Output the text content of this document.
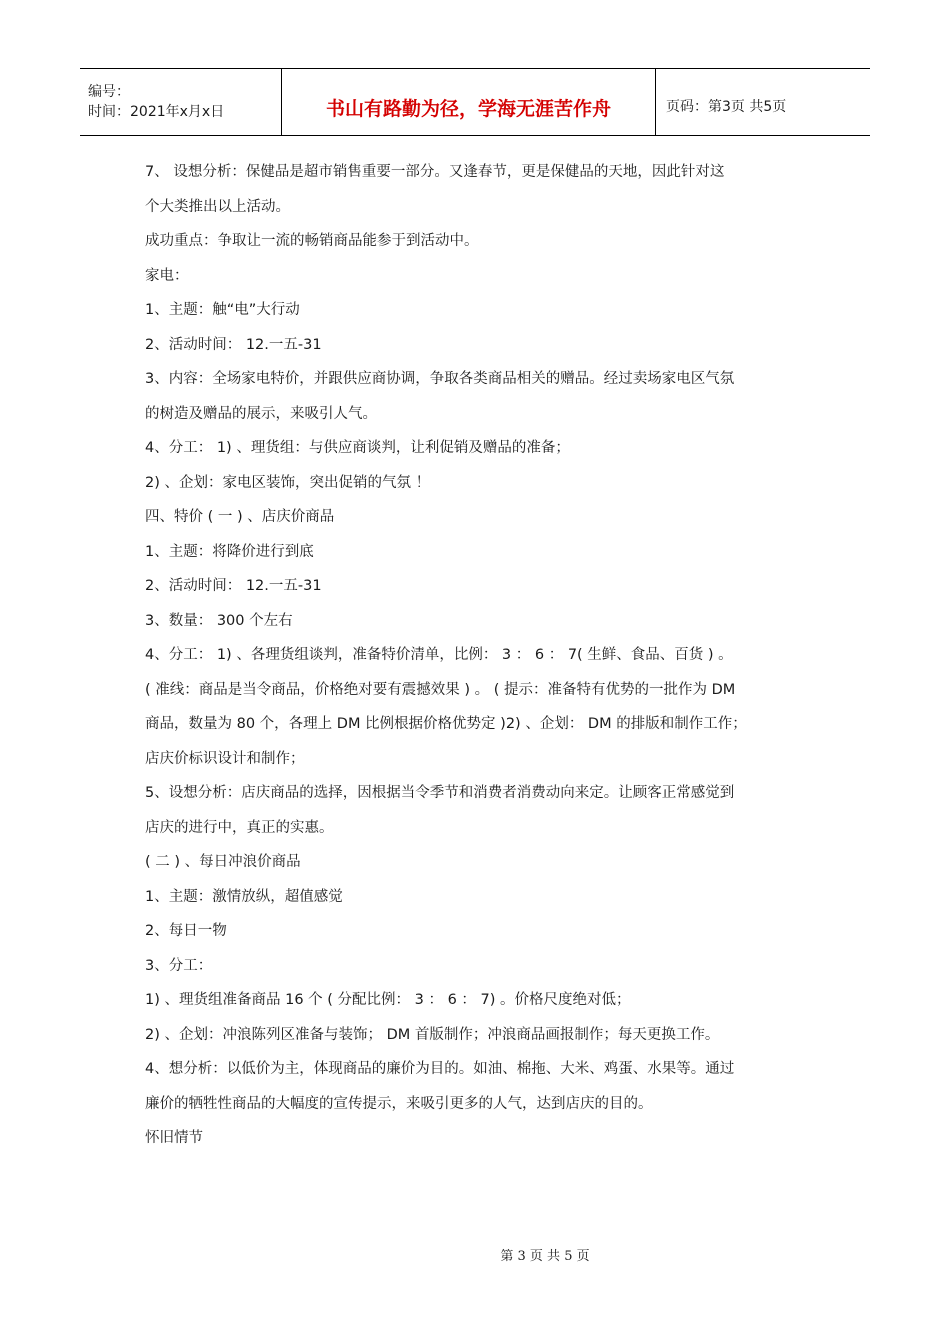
编号：
时间：2021年x月x日	书山有路勤为径，学海无涯苦作舟	页码：第3页 共5页
7、 设想分析：保健品是超市销售重要一部分。又逢春节，更是保健品的天地，因此针对这
个大类推出以上活动。
成功重点：争取让一流的畅销商品能参于到活动中。
家电：
1、主题：触“电”大行动
2、活动时间： 12.一五-31
3、内容：全场家电特价，并跟供应商协调，争取各类商品相关的赠品。经过卖场家电区气氛
的树造及赠品的展示，来吸引人气。
4、分工： 1) 、理货组：与供应商谈判，让利促销及赠品的准备；
2) 、企划：家电区装饰，突出促销的气氛 ！
四、特价 ( 一 ) 、店庆价商品
1、主题：将降价进行到底
2、活动时间： 12.一五-31
3、数量： 300 个左右
4、分工： 1) 、各理货组谈判，准备特价清单，比例： 3 ： 6 ： 7( 生鲜、食品、百货 ) 。
( 准线：商品是当令商品，价格绝对要有震撼效果 ) 。 ( 提示：准备特有优势的一批作为 DM
商品，数量为 80 个，各理上 DM 比例根据价格优势定 )2) 、企划： DM 的排版和制作工作；
店庆价标识设计和制作；
5、设想分析：店庆商品的选择，因根据当令季节和消费者消费动向来定。让顾客正常感觉到
店庆的进行中，真正的实惠。
( 二 ) 、每日冲浪价商品
1、主题：激情放纵，超值感觉
2、每日一物
3、分工：
1) 、理货组准备商品 16 个 ( 分配比例： 3 ： 6 ： 7) 。价格尺度绝对低；
2) 、企划：冲浪陈列区准备与装饰； DM 首版制作；冲浪商品画报制作；每天更换工作。
4、想分析：以低价为主，体现商品的廉价为目的。如油、棉拖、大米、鸡蛋、水果等。通过
廉价的牺牲性商品的大幅度的宣传提示，来吸引更多的人气，达到店庆的目的。
怀旧情节
第 3 页 共 5 页
